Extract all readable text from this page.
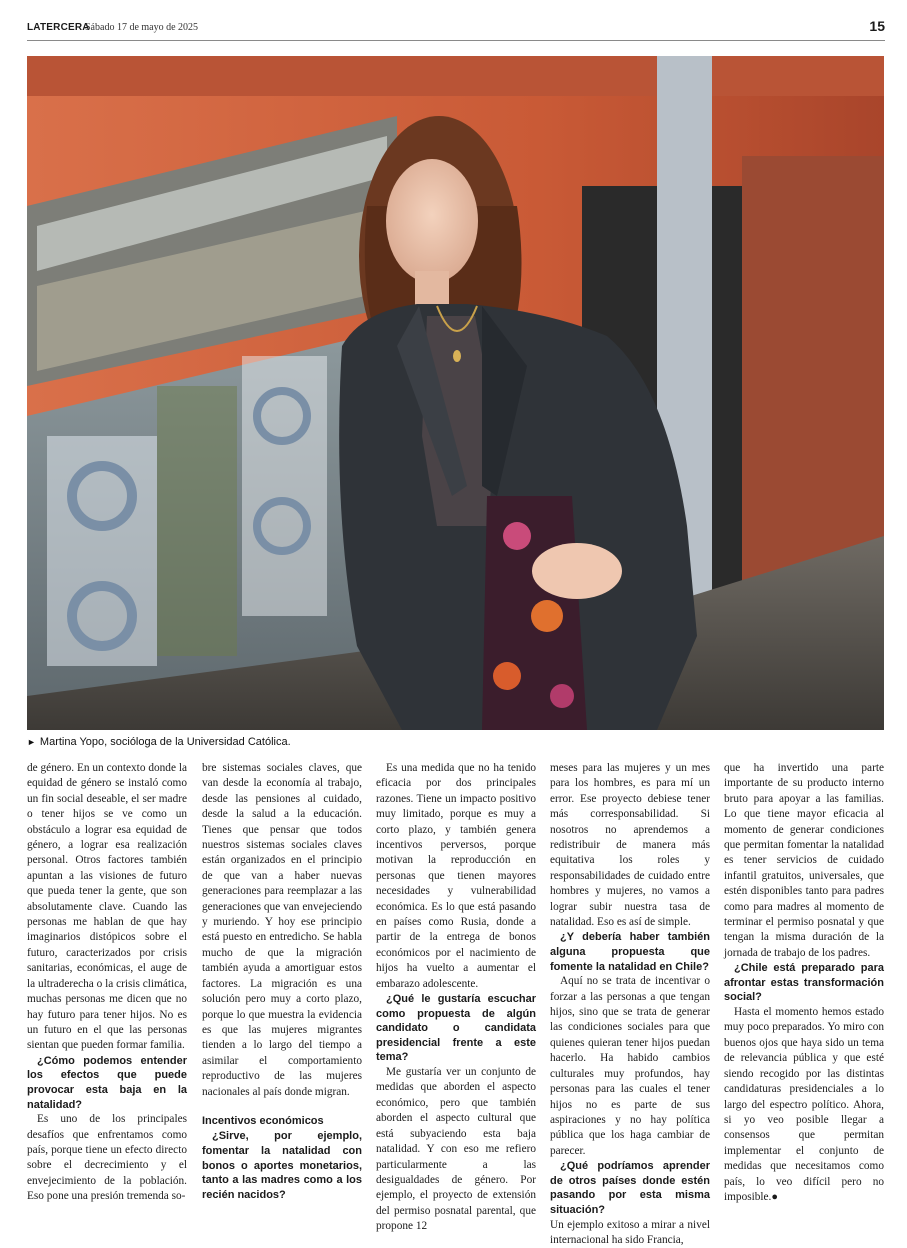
LATERCERA
Sábado 17 de mayo de 2025	15
► Martina Yopo, socióloga de la Universidad Católica.

de género. En un contexto donde la equidad de género se instaló como un fin social deseable, el ser madre o tener hijos se ve como un obstáculo a lograr esa equidad de género, a lograr esa realización personal. Otros factores también apuntan a las visiones de futuro que pueda tener la gente, que son absolutamente clave. Cuando las personas me hablan de que hay imaginarios distópicos sobre el futuro, caracterizados por crisis sanitarias, económicas, el auge de la ultraderecha o la crisis climática, muchas personas me dicen que no hay futuro para tener hijos. No es un futuro en el que las personas sientan que pueden formar familia.

¿Cómo podemos entender los efectos que puede provocar esta baja en la natalidad?

Es uno de los principales desafíos que enfrentamos como país, porque tiene un efecto directo sobre el decrecimiento y el envejecimiento de la población. Eso pone una presión tremenda so-

bre sistemas sociales claves, que van desde la economía al trabajo, desde las pensiones al cuidado, desde la salud a la educación. Tienes que pensar que todos nuestros sistemas sociales claves están organizados en el principio de que van a haber nuevas generaciones para reemplazar a las generaciones que van envejeciendo y muriendo. Y hoy ese principio está puesto en entredicho. Se habla mucho de que la migración también ayuda a amortiguar estos factores. La migración es una solución pero muy a corto plazo, porque lo que muestra la evidencia es que las mujeres migrantes tienden a lo largo del tiempo a asimilar el comportamiento reproductivo de las mujeres nacionales al país donde migran.

Incentivos económicos

¿Sirve, por ejemplo, fomentar la natalidad con bonos o aportes monetarios, tanto a las madres como a los recién nacidos?

Es una medida que no ha tenido eficacia por dos principales razones. Tiene un impacto positivo muy limitado, porque es muy a corto plazo, y también genera incentivos perversos, porque motivan la reproducción en personas que tienen mayores necesidades y vulnerabilidad económica. Es lo que está pasando en países como Rusia, donde a partir de la entrega de bonos económicos por el nacimiento de hijos ha vuelto a aumentar el embarazo adolescente.

¿Qué le gustaría escuchar como propuesta de algún candidato o candidata presidencial frente a este tema?

Me gustaría ver un conjunto de medidas que aborden el aspecto económico, pero que también aborden el aspecto cultural que está subyaciendo esta baja natalidad. Y con eso me refiero particularmente a las desigualdades de género. Por ejemplo, el proyecto de extensión del permiso posnatal parental, que propone 12

meses para las mujeres y un mes para los hombres, es para mí un error. Ese proyecto debiese tener más corresponsabilidad. Si nosotros no aprendemos a redistribuir de manera más equitativa los roles y responsabilidades de cuidado entre hombres y mujeres, no vamos a lograr subir nuestra tasa de natalidad. Eso es así de simple.

¿Y debería haber también alguna propuesta que fomente la natalidad en Chile?

Aquí no se trata de incentivar o forzar a las personas a que tengan hijos, sino que se trata de generar las condiciones sociales para que quienes quieran tener hijos puedan hacerlo. Ha habido cambios culturales muy profundos, hay personas para las cuales el tener hijos no es parte de sus aspiraciones y no hay política pública que los haga cambiar de parecer.

¿Qué podríamos aprender de otros países donde estén pasando por esta misma situación?

Un ejemplo exitoso a mirar a nivel internacional ha sido Francia,

que ha invertido una parte importante de su producto interno bruto para apoyar a las familias. Lo que tiene mayor eficacia al momento de generar condiciones que permitan fomentar la natalidad es tener servicios de cuidado infantil gratuitos, universales, que estén disponibles tanto para padres como para madres al momento de terminar el permiso posnatal y que tengan la misma duración de la jornada de trabajo de los padres.

¿Chile está preparado para afrontar estas transformación social?

Hasta el momento hemos estado muy poco preparados. Yo miro con buenos ojos que haya sido un tema de relevancia pública y que esté siendo recogido por las distintas candidaturas presidenciales a lo largo del espectro político. Ahora, si yo veo posible llegar a consensos que permitan implementar el conjunto de medidas que necesitamos como país, lo veo difícil pero no imposible.●
